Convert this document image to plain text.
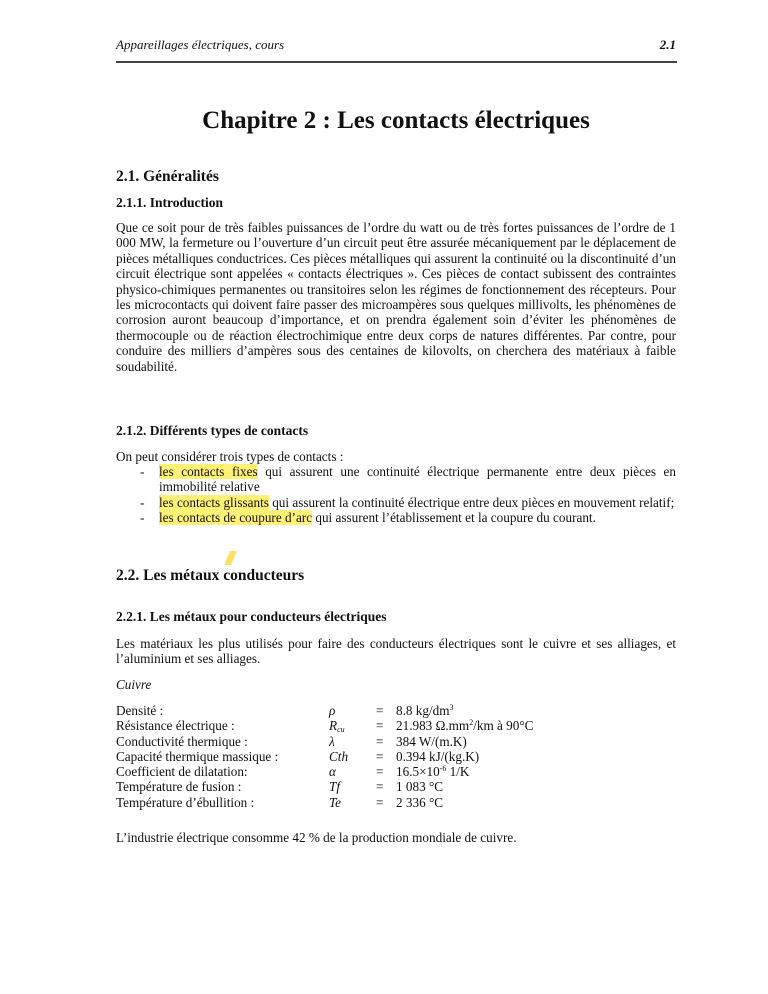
Appareillages électriques, cours	2.1
Chapitre 2 : Les contacts électriques
2.1. Généralités
2.1.1. Introduction
Que ce soit pour de très faibles puissances de l’ordre du watt ou de très fortes puissances de l’ordre de 1 000 MW, la fermeture ou l’ouverture d’un circuit peut être assurée mécaniquement par le déplacement de pièces métalliques conductrices. Ces pièces métalliques qui assurent la continuité ou la discontinuité d’un circuit électrique sont appelées « contacts électriques ». Ces pièces de contact subissent des contraintes physico-chimiques permanentes ou transitoires selon les régimes de fonctionnement des récepteurs. Pour les microcontacts qui doivent faire passer des microampères sous quelques millivolts, les phénomènes de corrosion auront beaucoup d’importance, et on prendra également soin d’éviter les phénomènes de thermocouple ou de réaction électrochimique entre deux corps de natures différentes. Par contre, pour conduire des milliers d’ampères sous des centaines de kilovolts, on cherchera des matériaux à faible soudabilité.
2.1.2. Différents types de contacts
On peut considérer trois types de contacts :
-	les contacts fixes qui assurent une continuité électrique permanente entre deux pièces en immobilité relative
-	les contacts glissants qui assurent la continuité électrique entre deux pièces en mouvement relatif;
-	les contacts de coupure d’arc qui assurent l’établissement et la coupure du courant.
2.2. Les métaux conducteurs
2.2.1. Les métaux pour conducteurs électriques
Les matériaux les plus utilisés pour faire des conducteurs électriques sont le cuivre et ses alliages, et l’aluminium et ses alliages.
Cuivre
Densité :	ρ	= 8.8 $kg/dm^3$
Résistance électrique :	$R_{cu}$	= 21.983 $\Omega.mm^2/km$ à 90°C
Conductivité thermique :	λ	= 384 W/(m.K)
Capacité thermique massique :	Cth	= 0.394 kJ/(kg.K)
Coefficient de dilatation:	α	= $16.5\times 10^{-6}$ 1/K
Température de fusion :	Tf	= 1 083 °C
Température d’ébullition :	Te	= 2 336 °C
L’industrie électrique consomme 42 % de la production mondiale de cuivre.
